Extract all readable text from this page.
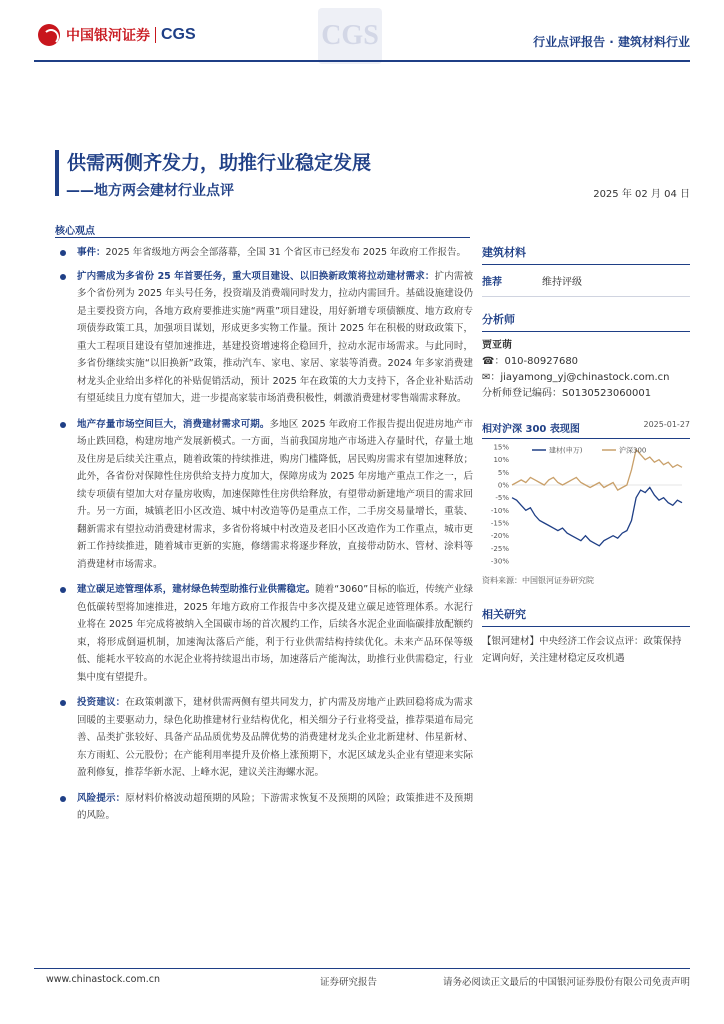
中国银河证券 CGS	CGS	行业点评报告 · 建筑材料行业
供需两侧齐发力，助推行业稳定发展
——地方两会建材行业点评	2025 年 02 月 04 日
核心观点
事件：2025 年省级地方两会全部落幕，全国 31 个省区市已经发布 2025 年政府工作报告。
扩内需成为多省份 25 年首要任务，重大项目建设、以旧换新政策将拉动建材需求：扩内需被多个省份列为 2025 年头号任务，投资端及消费端同时发力，拉动内需回升。基础设施建设仍是主要投资方向，各地方政府要推进实施“两重”项目建设，用好新增专项债额度、地方政府专项债券政策工具，加强项目谋划，形成更多实物工作量。预计 2025 年在积极的财政政策下，重大工程项目建设有望加速推进，基建投资增速将企稳回升，拉动水泥市场需求。与此同时，多省份继续实施“以旧换新”政策，推动汽车、家电、家居、家装等消费。2024 年多家消费建材龙头企业给出多样化的补贴促销活动，预计 2025 年在政策的大力支持下，各企业补贴活动有望延续且力度有望加大，进一步提高家装市场消费积极性，刺激消费建材零售端需求释放。
地产存量市场空间巨大，消费建材需求可期。多地区 2025 年政府工作报告提出促进房地产市场止跌回稳，构建房地产发展新模式。一方面，当前我国房地产市场进入存量时代，存量土地及住房是后续关注重点，随着政策的持续推进，购房门槛降低，居民购房需求有望加速释放；此外，各省份对保障性住房供给支持力度加大，保障房成为 2025 年房地产重点工作之一，后续专项债有望加大对存量房收购，加速保障性住房供给释放，有望带动新建地产项目的需求回升。另一方面，城镇老旧小区改造、城中村改造等仍是重点工作，二手房交易量增长，重装、翻新需求有望拉动消费建材需求，多省份将城中村改造及老旧小区改造作为工作重点，城市更新工作持续推进，随着城市更新的实施，修缮需求将逐步释放，直接带动防水、管材、涂料等消费建材市场需求。
建立碳足迹管理体系，建材绿色转型助推行业供需稳定。随着“3060”目标的临近，传统产业绿色低碳转型将加速推进，2025 年地方政府工作报告中多次提及建立碳足迹管理体系。水泥行业将在 2025 年完成将被纳入全国碳市场的首次履约工作，后续各水泥企业面临碳排放配额约束，将形成倒逼机制，加速淘汰落后产能，利于行业供需结构持续优化。未来产品环保等级低、能耗水平较高的水泥企业将持续退出市场，加速落后产能淘汰，助推行业供需稳定，行业集中度有望提升。
投资建议：在政策刺激下，建材供需两侧有望共同发力，扩内需及房地产止跌回稳将成为需求回暖的主要驱动力，绿色化助推建材行业结构优化，相关细分子行业将受益，推荐渠道布局完善、品类扩张较好、具备产品品质优势及品牌优势的消费建材龙头企业北新建材、伟星新材、东方雨虹、公元股份；在产能利用率提升及价格上涨预期下，水泥区域龙头企业有望迎来实际盈利修复，推荐华新水泥、上峰水泥，建议关注海螺水泥。
风险提示：原材料价格波动超预期的风险；下游需求恢复不及预期的风险；政策推进不及预期的风险。
建筑材料
推荐	维持评级
分析师
贾亚萌
☎：010-80927680
✉：jiayamong_yj@chinastock.com.cn
分析师登记编码：S0130523060001
相对沪深 300 表现图	2025-01-27
15%
10%
5%
0%
-5%
-10%
-15%
-20%
-25%
-30%
建材(申万)	沪深300
资料来源：中国银河证券研究院
相关研究
【银河建材】中央经济工作会议点评：政策保持定调向好，关注建材稳定反攻机遇
www.chinastock.com.cn	证券研究报告	请务必阅读正文最后的中国银河证券股份有限公司免责声明
